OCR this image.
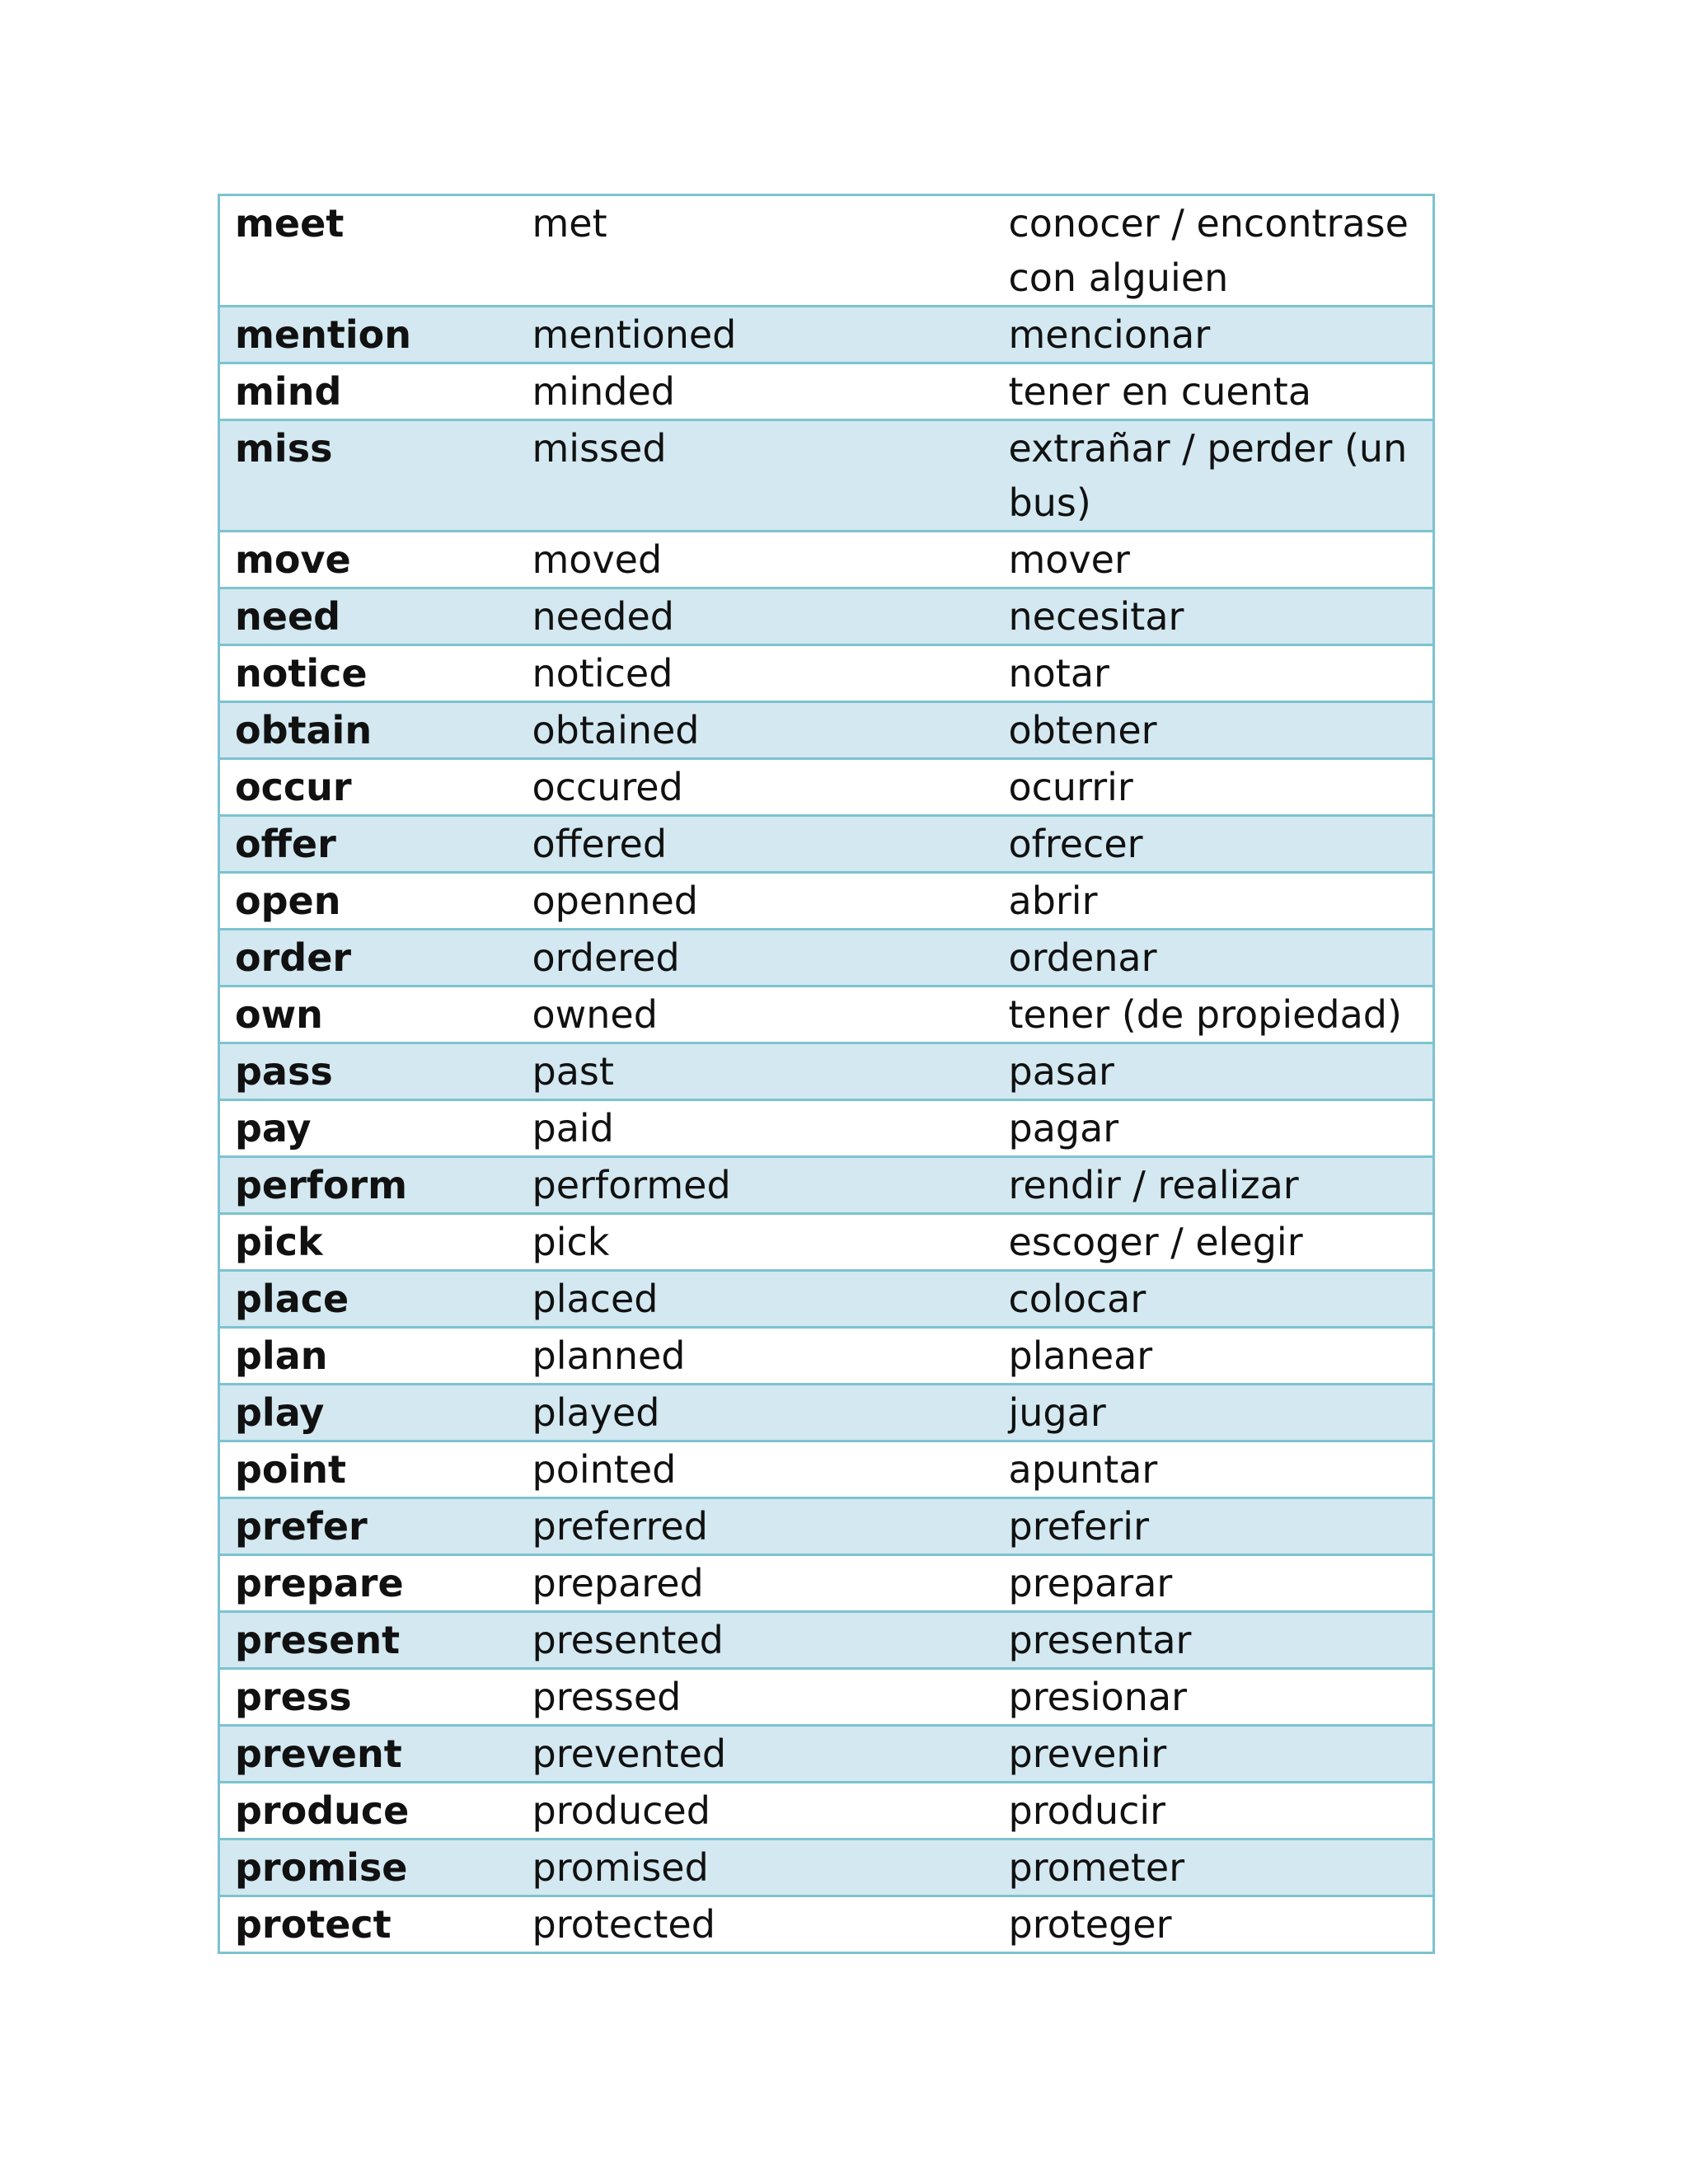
meet	met	conocer / encontrase con alguien
mention	mentioned	mencionar
mind	minded	tener en cuenta
miss	missed	extrañar / perder (un bus)
move	moved	mover
need	needed	necesitar
notice	noticed	notar
obtain	obtained	obtener
occur	occured	ocurrir
offer	offered	ofrecer
open	openned	abrir
order	ordered	ordenar
own	owned	tener (de propiedad)
pass	past	pasar
pay	paid	pagar
perform	performed	rendir / realizar
pick	pick	escoger / elegir
place	placed	colocar
plan	planned	planear
play	played	jugar
point	pointed	apuntar
prefer	preferred	preferir
prepare	prepared	preparar
present	presented	presentar
press	pressed	presionar
prevent	prevented	prevenir
produce	produced	producir
promise	promised	prometer
protect	protected	proteger
